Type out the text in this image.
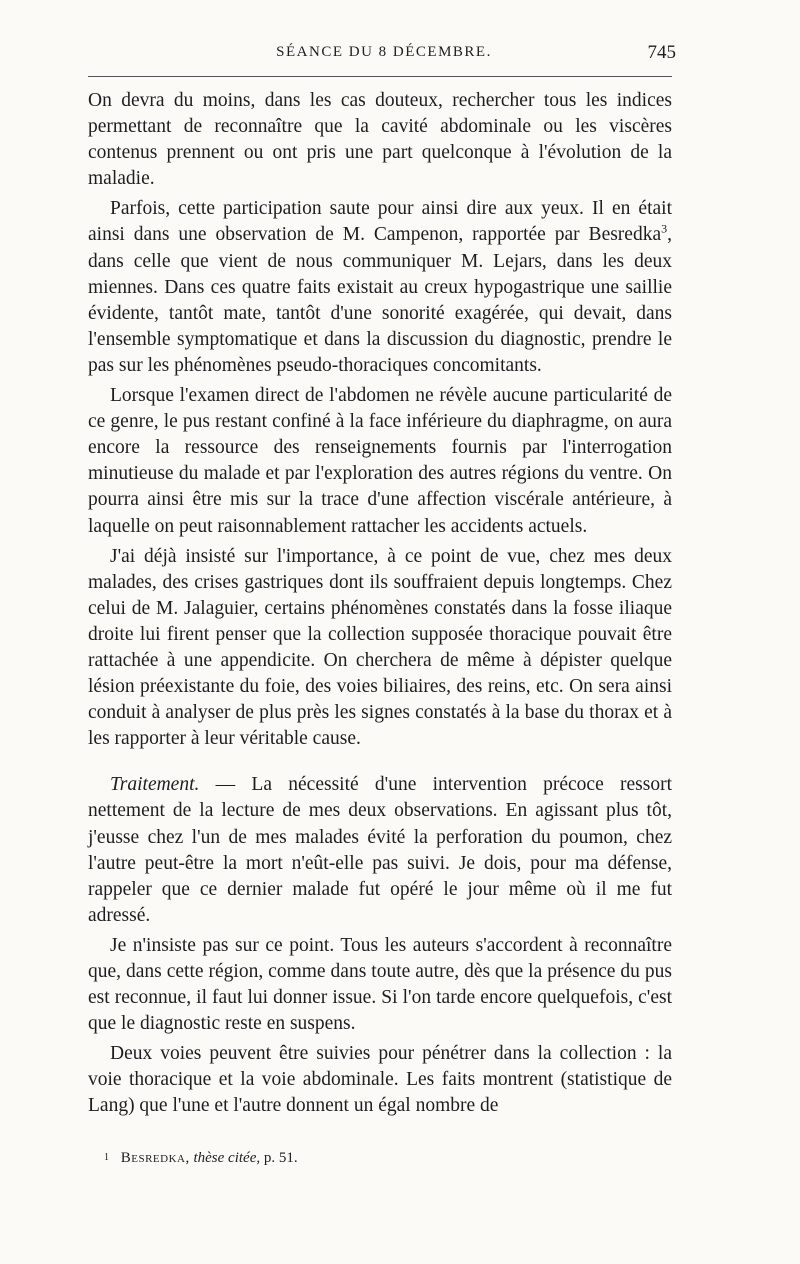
SÉANCE DU 8 DÉCEMBRE.	745

On devra du moins, dans les cas douteux, rechercher tous les indices permettant de reconnaître que la cavité abdominale ou les viscères contenus prennent ou ont pris une part quelconque à l'évolution de la maladie.

Parfois, cette participation saute pour ainsi dire aux yeux. Il en était ainsi dans une observation de M. Campenon, rapportée par Besredka$^3$, dans celle que vient de nous communiquer M. Lejars, dans les deux miennes. Dans ces quatre faits existait au creux hypogastrique une saillie évidente, tantôt mate, tantôt d'une sonorité exagérée, qui devait, dans l'ensemble symptomatique et dans la discussion du diagnostic, prendre le pas sur les phénomènes pseudo-thoraciques concomitants.

Lorsque l'examen direct de l'abdomen ne révèle aucune particularité de ce genre, le pus restant confiné à la face inférieure du diaphragme, on aura encore la ressource des renseignements fournis par l'interrogation minutieuse du malade et par l'exploration des autres régions du ventre. On pourra ainsi être mis sur la trace d'une affection viscérale antérieure, à laquelle on peut raisonnablement rattacher les accidents actuels.

J'ai déjà insisté sur l'importance, à ce point de vue, chez mes deux malades, des crises gastriques dont ils souffraient depuis longtemps. Chez celui de M. Jalaguier, certains phénomènes constatés dans la fosse iliaque droite lui firent penser que la collection supposée thoracique pouvait être rattachée à une appendicite. On cherchera de même à dépister quelque lésion préexistante du foie, des voies biliaires, des reins, etc. On sera ainsi conduit à analyser de plus près les signes constatés à la base du thorax et à les rapporter à leur véritable cause.

Traitement. — La nécessité d'une intervention précoce ressort nettement de la lecture de mes deux observations. En agissant plus tôt, j'eusse chez l'un de mes malades évité la perforation du poumon, chez l'autre peut-être la mort n'eût-elle pas suivi. Je dois, pour ma défense, rappeler que ce dernier malade fut opéré le jour même où il me fut adressé.

Je n'insiste pas sur ce point. Tous les auteurs s'accordent à reconnaître que, dans cette région, comme dans toute autre, dès que la présence du pus est reconnue, il faut lui donner issue. Si l'on tarde encore quelquefois, c'est que le diagnostic reste en suspens.

Deux voies peuvent être suivies pour pénétrer dans la collection : la voie thoracique et la voie abdominale. Les faits montrent (statistique de Lang) que l'une et l'autre donnent un égal nombre de

$^1$ Besredka, thèse citée, p. 51.
